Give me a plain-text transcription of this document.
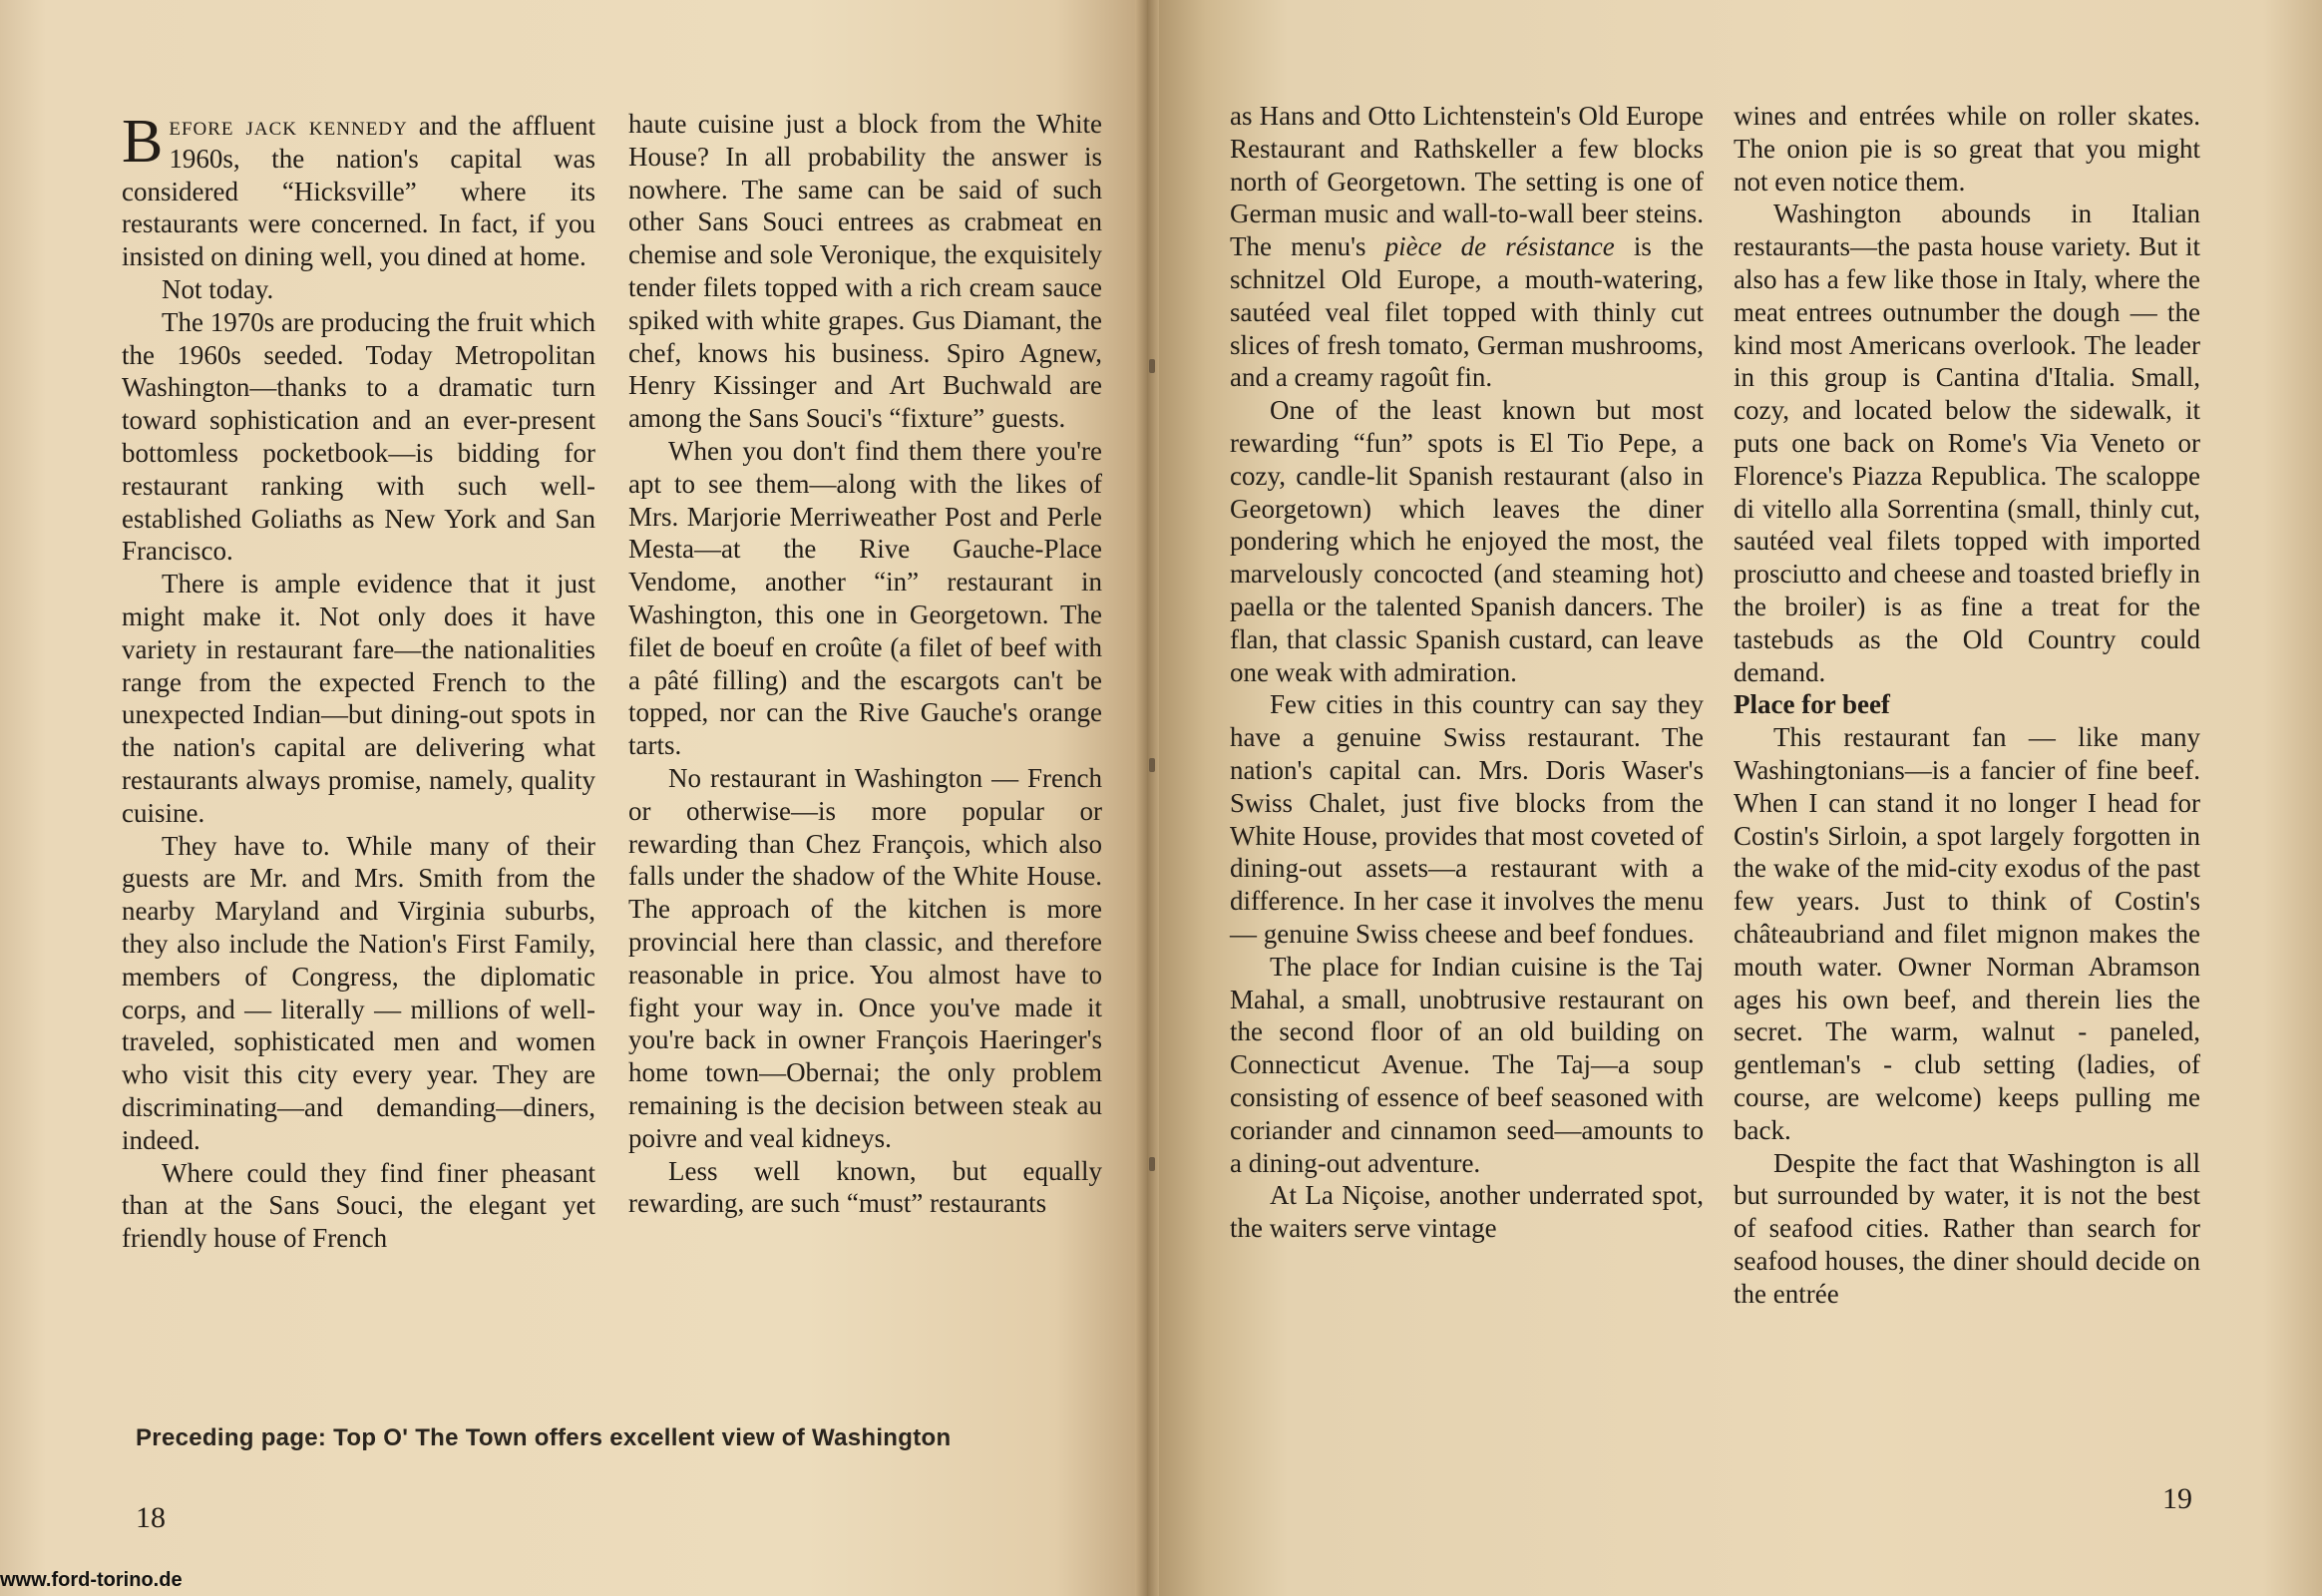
Before jack kennedy and the affluent 1960s, the nation's capital was considered “Hicksville” where its restaurants were concerned. In fact, if you insisted on dining well, you dined at home.

Not today.

The 1970s are producing the fruit which the 1960s seeded. Today Metropolitan Washington—thanks to a dramatic turn toward sophistication and an ever-present bottomless pocketbook—is bidding for restaurant ranking with such well-established Goliaths as New York and San Francisco.

There is ample evidence that it just might make it. Not only does it have variety in restaurant fare—the nationalities range from the expected French to the unexpected Indian—but dining-out spots in the nation's capital are delivering what restaurants always promise, namely, quality cuisine.

They have to. While many of their guests are Mr. and Mrs. Smith from the nearby Maryland and Virginia suburbs, they also include the Nation's First Family, members of Congress, the diplomatic corps, and — literally — millions of well-traveled, sophisticated men and women who visit this city every year. They are discriminating—and demanding—diners, indeed.

Where could they find finer pheasant than at the Sans Souci, the elegant yet friendly house of French

haute cuisine just a block from the White House? In all probability the answer is nowhere. The same can be said of such other Sans Souci entrees as crabmeat en chemise and sole Veronique, the exquisitely tender filets topped with a rich cream sauce spiked with white grapes. Gus Diamant, the chef, knows his business. Spiro Agnew, Henry Kissinger and Art Buchwald are among the Sans Souci's “fixture” guests.

When you don't find them there you're apt to see them—along with the likes of Mrs. Marjorie Merriweather Post and Perle Mesta—at the Rive Gauche-Place Vendome, another “in” restaurant in Washington, this one in Georgetown. The filet de boeuf en croûte (a filet of beef with a pâté filling) and the escargots can't be topped, nor can the Rive Gauche's orange tarts.

No restaurant in Washington — French or otherwise—is more popular or rewarding than Chez François, which also falls under the shadow of the White House. The approach of the kitchen is more provincial here than classic, and therefore reasonable in price. You almost have to fight your way in. Once you've made it you're back in owner François Haeringer's home town—Obernai; the only problem remaining is the decision between steak au poivre and veal kidneys.

Less well known, but equally rewarding, are such “must” restaurants

Preceding page: Top O' The Town offers excellent view of Washington
18
www.ford-torino.de

as Hans and Otto Lichtenstein's Old Europe Restaurant and Rathskeller a few blocks north of Georgetown. The setting is one of German music and wall-to-wall beer steins. The menu's pièce de résistance is the schnitzel Old Europe, a mouth-watering, sautéed veal filet topped with thinly cut slices of fresh tomato, German mushrooms, and a creamy ragoût fin.

One of the least known but most rewarding “fun” spots is El Tio Pepe, a cozy, candle-lit Spanish restaurant (also in Georgetown) which leaves the diner pondering which he enjoyed the most, the marvelously concocted (and steaming hot) paella or the talented Spanish dancers. The flan, that classic Spanish custard, can leave one weak with admiration.

Few cities in this country can say they have a genuine Swiss restaurant. The nation's capital can. Mrs. Doris Waser's Swiss Chalet, just five blocks from the White House, provides that most coveted of dining-out assets—a restaurant with a difference. In her case it involves the menu — genuine Swiss cheese and beef fondues.

The place for Indian cuisine is the Taj Mahal, a small, unobtrusive restaurant on the second floor of an old building on Connecticut Avenue. The Taj—a soup consisting of essence of beef seasoned with coriander and cinnamon seed—amounts to a dining-out adventure.

At La Niçoise, another underrated spot, the waiters serve vintage

wines and entrées while on roller skates. The onion pie is so great that you might not even notice them.

Washington abounds in Italian restaurants—the pasta house variety. But it also has a few like those in Italy, where the meat entrees outnumber the dough — the kind most Americans overlook. The leader in this group is Cantina d'Italia. Small, cozy, and located below the sidewalk, it puts one back on Rome's Via Veneto or Florence's Piazza Republica. The scaloppe di vitello alla Sorrentina (small, thinly cut, sautéed veal filets topped with imported prosciutto and cheese and toasted briefly in the broiler) is as fine a treat for the tastebuds as the Old Country could demand.

Place for beef

This restaurant fan — like many Washingtonians—is a fancier of fine beef. When I can stand it no longer I head for Costin's Sirloin, a spot largely forgotten in the wake of the mid-city exodus of the past few years. Just to think of Costin's châteaubriand and filet mignon makes the mouth water. Owner Norman Abramson ages his own beef, and therein lies the secret. The warm, walnut - paneled, gentleman's - club setting (ladies, of course, are welcome) keeps pulling me back.

Despite the fact that Washington is all but surrounded by water, it is not the best of seafood cities. Rather than search for seafood houses, the diner should decide on the entrée

19
